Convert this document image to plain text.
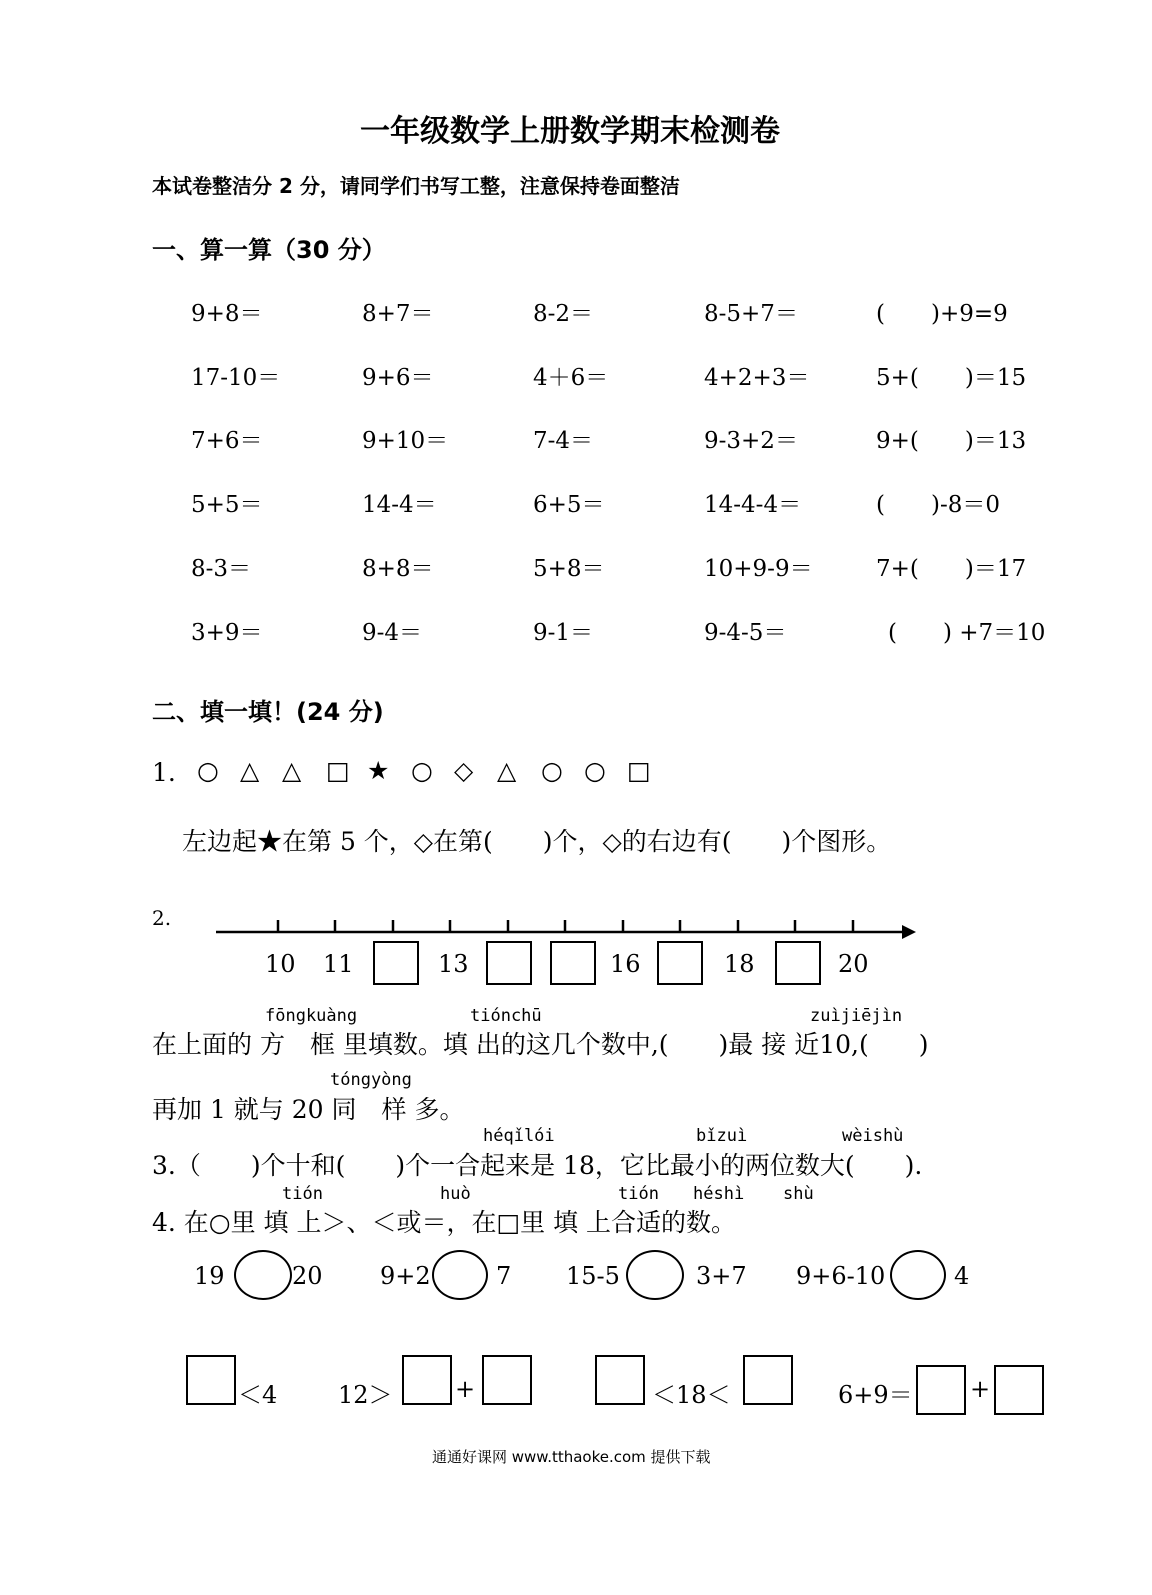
一年级数学上册数学期末检测卷
本试卷整洁分 2 分，请同学们书写工整，注意保持卷面整洁
一、算一算（30 分）
9+8＝	8+7＝	8-2＝	8-5+7＝	(　　)+9=9
17-10＝	9+6＝	4＋6＝	4+2+3＝	5+(　　)＝15
7+6＝	9+10＝	7-4＝	9-3+2＝	9+(　　)＝13
5+5＝	14-4＝	6+5＝	14-4-4＝	(　　)-8＝0
8-3＝	8+8＝	5+8＝	10+9-9＝	7+(　　)＝17
3+9＝	9-4＝	9-1＝	9-4-5＝	(　　) +7＝10
二、填一填！(24 分)
1. ○ △ △ □ ★ ○ ◇ △ ○ ○ □
左边起★在第 5 个，◇在第(　　)个，◇的右边有(　　)个图形。
2.
10 11	13	16	18	20
fōngkuàng	tiónchū	zuìjiējìn
在上面的 方　框 里填数。填 出的这几个数中,(　　)最 接 近10,(　　)
tóngyòng
再加 1 就与 20 同　样 多。
héqǐlói	bǐzuì	wèishù
3.（　　)个十和(　　)个一合起来是 18，它比最小的两位数大(　　).
tión	huò	tión héshì shù
4. 在○里 填 上＞、＜或＝，在□里 填 上合适的数。
19	20 9+2	7 15-5	3+7 9+6-10	4
＜4	12＞	+	＜18＜	6+9＝ +
通通好课网 www.tthaoke.com 提供下载
